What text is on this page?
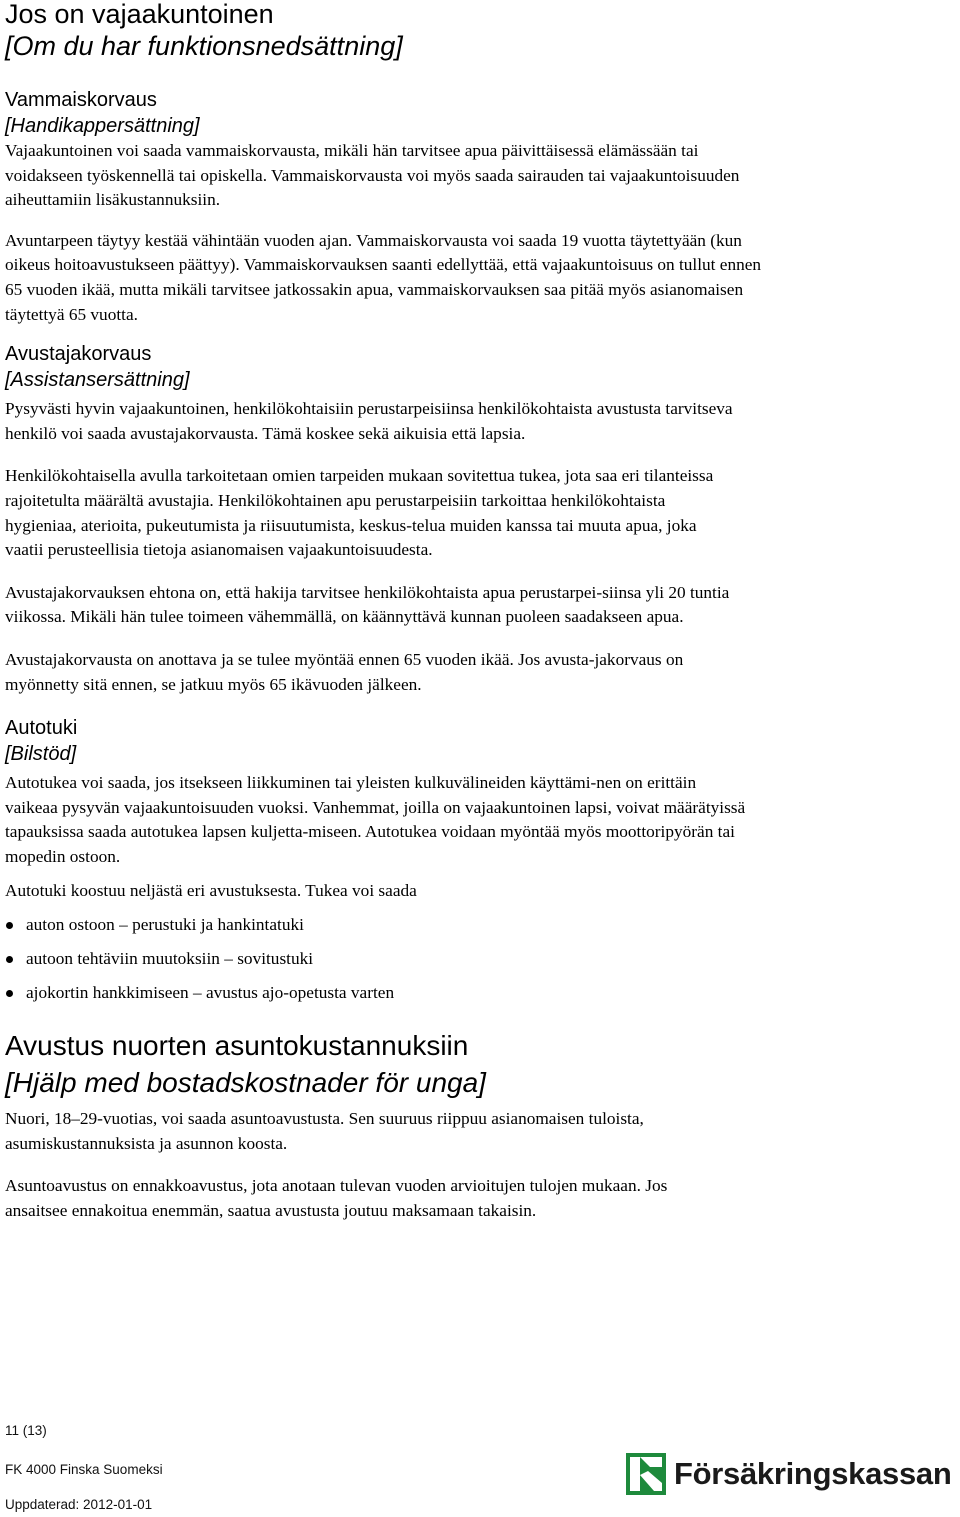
Jos on vajaakuntoinen
[Om du har funktionsnedsättning]
Vammaiskorvaus
[Handikappersättning]

Vajaakuntoinen voi saada vammaiskorvausta, mikäli hän tarvitsee apua päivittäisessä elämässään tai voidakseen työskennellä tai opiskella. Vammaiskorvausta voi myös saada sairauden tai vajaakuntoisuuden aiheuttamiin lisäkustannuksiin.

Avuntarpeen täytyy kestää vähintään vuoden ajan. Vammaiskorvausta voi saada 19 vuotta täytettyään (kun oikeus hoitoavustukseen päättyy). Vammaiskorvauksen saanti edellyttää, että vajaakuntoisuus on tullut ennen 65 vuoden ikää, mutta mikäli tarvitsee jatkossakin apua, vammaiskorvauksen saa pitää myös asianomaisen täytettyä 65 vuotta.

Avustajakorvaus
[Assistansersättning]

Pysyvästi hyvin vajaakuntoinen, henkilökohtaisiin perustarpeisiinsa henkilökohtaista avustusta tarvitseva henkilö voi saada avustajakorvausta. Tämä koskee sekä aikuisia että lapsia.

Henkilökohtaisella avulla tarkoitetaan omien tarpeiden mukaan sovitettua tukea, jota saa eri tilanteissa rajoitetulta määrältä avustajia. Henkilökohtainen apu perustarpeisiin tarkoittaa henkilökohtaista hygieniaa, aterioita, pukeutumista ja riisuutumista, keskus-telua muiden kanssa tai muuta apua, joka vaatii perusteellisia tietoja asianomaisen vajaakuntoisuudesta.

Avustajakorvauksen ehtona on, että hakija tarvitsee henkilökohtaista apua perustarpei-siinsa yli 20 tuntia viikossa. Mikäli hän tulee toimeen vähemmällä, on käännyttävä kunnan puoleen saadakseen apua.

Avustajakorvausta on anottava ja se tulee myöntää ennen 65 vuoden ikää. Jos avusta-jakorvaus on myönnetty sitä ennen, se jatkuu myös 65 ikävuoden jälkeen.

Autotuki
[Bilstöd]

Autotukea voi saada, jos itsekseen liikkuminen tai yleisten kulkuvälineiden käyttämi-nen on erittäin vaikeaa pysyvän vajaakuntoisuuden vuoksi. Vanhemmat, joilla on vajaakuntoinen lapsi, voivat määrätyissä tapauksissa saada autotukea lapsen kuljetta-miseen. Autotukea voidaan myöntää myös moottoripyörän tai mopedin ostoon.

Autotuki koostuu neljästä eri avustuksesta. Tukea voi saada

auton ostoon – perustuki ja hankintatuki
autoon tehtäviin muutoksiin – sovitustuki
ajokortin hankkimiseen – avustus ajo-opetusta varten
Avustus nuorten asuntokustannuksiin
[Hjälp med bostadskostnader för unga]

Nuori, 18–29-vuotias, voi saada asuntoavustusta. Sen suuruus riippuu asianomaisen tuloista, asumiskustannuksista ja asunnon koosta.

Asuntoavustus on ennakkoavustus, jota anotaan tulevan vuoden arvioitujen tulojen mukaan. Jos ansaitsee ennakoitua enemmän, saatua avustusta joutuu maksamaan takaisin.

11 (13)
FK 4000 Finska Suomeksi
Uppdaterad: 2012-01-01
Försäkringskassan
